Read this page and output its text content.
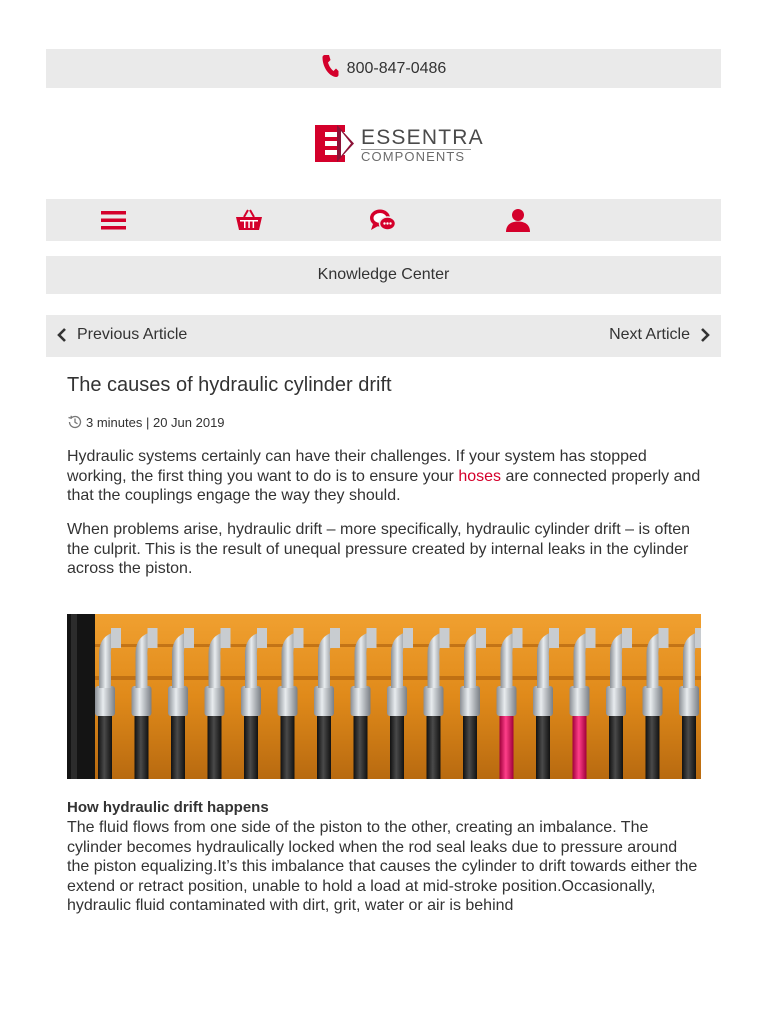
800-847-0486
ESSENTRA
COMPONENTS
Knowledge Center
Previous Article	Next Article
The causes of hydraulic cylinder drift
3 minutes | 20 Jun 2019

Hydraulic systems certainly can have their challenges. If your system has stopped working, the first thing you want to do is to ensure your hoses are connected properly and that the couplings engage the way they should.

When problems arise, hydraulic drift – more specifically, hydraulic cylinder drift – is often the culprit. This is the result of unequal pressure created by internal leaks in the cylinder across the piston.

How hydraulic drift happens

The fluid flows from one side of the piston to the other, creating an imbalance. The cylinder becomes hydraulically locked when the rod seal leaks due to pressure around the piston equalizing.It’s this imbalance that causes the cylinder to drift towards either the extend or retract position, unable to hold a load at mid-stroke position.Occasionally, hydraulic fluid contaminated with dirt, grit, water or air is behind
